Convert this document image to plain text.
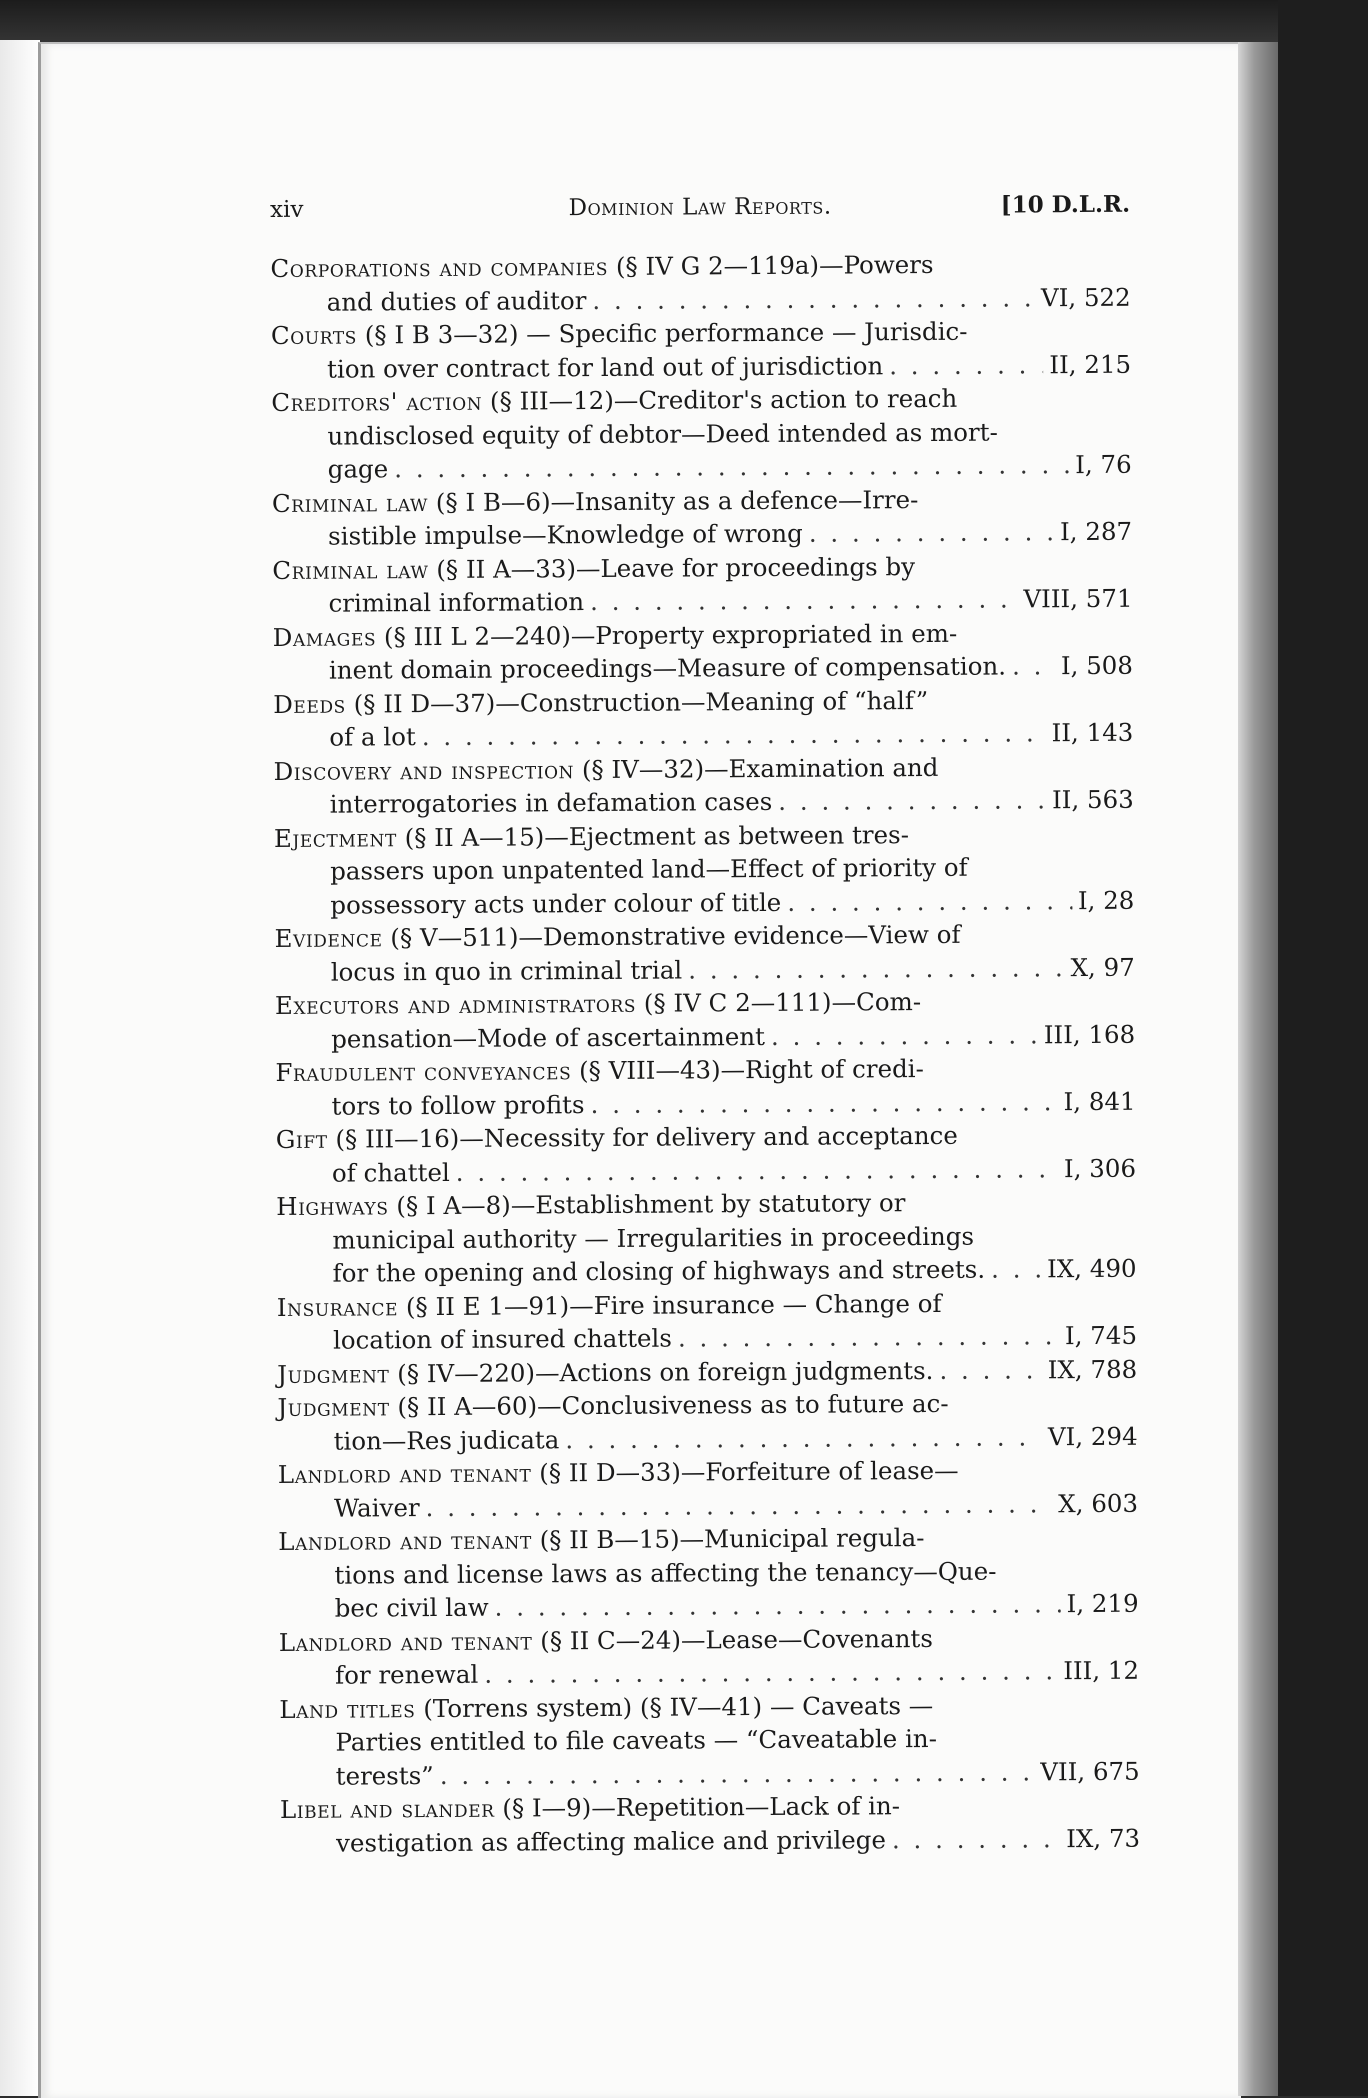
xiv	Dominion Law Reports.	[10 D.L.R.
Corporations and companies (§ IV G 2—119a)—Powers
and duties of auditor . . .	VI, 522
Courts (§ I B 3—32) — Specific performance — Jurisdic-
tion over contract for land out of jurisdiction . . .	II, 215
Creditors' action (§ III—12)—Creditor's action to reach
undisclosed equity of debtor—Deed intended as mort-
gage . . .	I, 76
Criminal law (§ I B—6)—Insanity as a defence—Irre-
sistible impulse—Knowledge of wrong . . .	I, 287
Criminal law (§ II A—33)—Leave for proceedings by
criminal information . . .	VIII, 571
Damages (§ III L 2—240)—Property expropriated in em-
inent domain proceedings—Measure of compensation. . . . I, 508
Deeds (§ II D—37)—Construction—Meaning of “half”
of a lot . . .	II, 143
Discovery and inspection (§ IV—32)—Examination and
interrogatories in defamation cases . . .	II, 563
Ejectment (§ II A—15)—Ejectment as between tres-
passers upon unpatented land—Effect of priority of
possessory acts under colour of title . . .	I, 28
Evidence (§ V—511)—Demonstrative evidence—View of
locus in quo in criminal trial . . .	X, 97
Executors and administrators (§ IV C 2—111)—Com-
pensation—Mode of ascertainment . . .	III, 168
Fraudulent conveyances (§ VIII—43)—Right of credi-
tors to follow profits . . .	I, 841
Gift (§ III—16)—Necessity for delivery and acceptance
of chattel . . .	I, 306
Highways (§ I A—8)—Establishment by statutory or
municipal authority — Irregularities in proceedings
for the opening and closing of highways and streets. . . .	IX, 490
Insurance (§ II E 1—91)—Fire insurance — Change of
location of insured chattels . . .	I, 745
Judgment (§ IV—220)—Actions on foreign judgments. . . .	IX, 788
Judgment (§ II A—60)—Conclusiveness as to future ac-
tion—Res judicata . . .	VI, 294
Landlord and tenant (§ II D—33)—Forfeiture of lease—
Waiver . . .	X, 603
Landlord and tenant (§ II B—15)—Municipal regula-
tions and license laws as affecting the tenancy—Que-
bec civil law . . .	I, 219
Landlord and tenant (§ II C—24)—Lease—Covenants
for renewal . . .	III, 12
Land titles (Torrens system) (§ IV—41) — Caveats —
Parties entitled to file caveats — “Caveatable in-
terests” . . .	VII, 675
Libel and slander (§ I—9)—Repetition—Lack of in-
vestigation as affecting malice and privilege . . .	IX, 73
